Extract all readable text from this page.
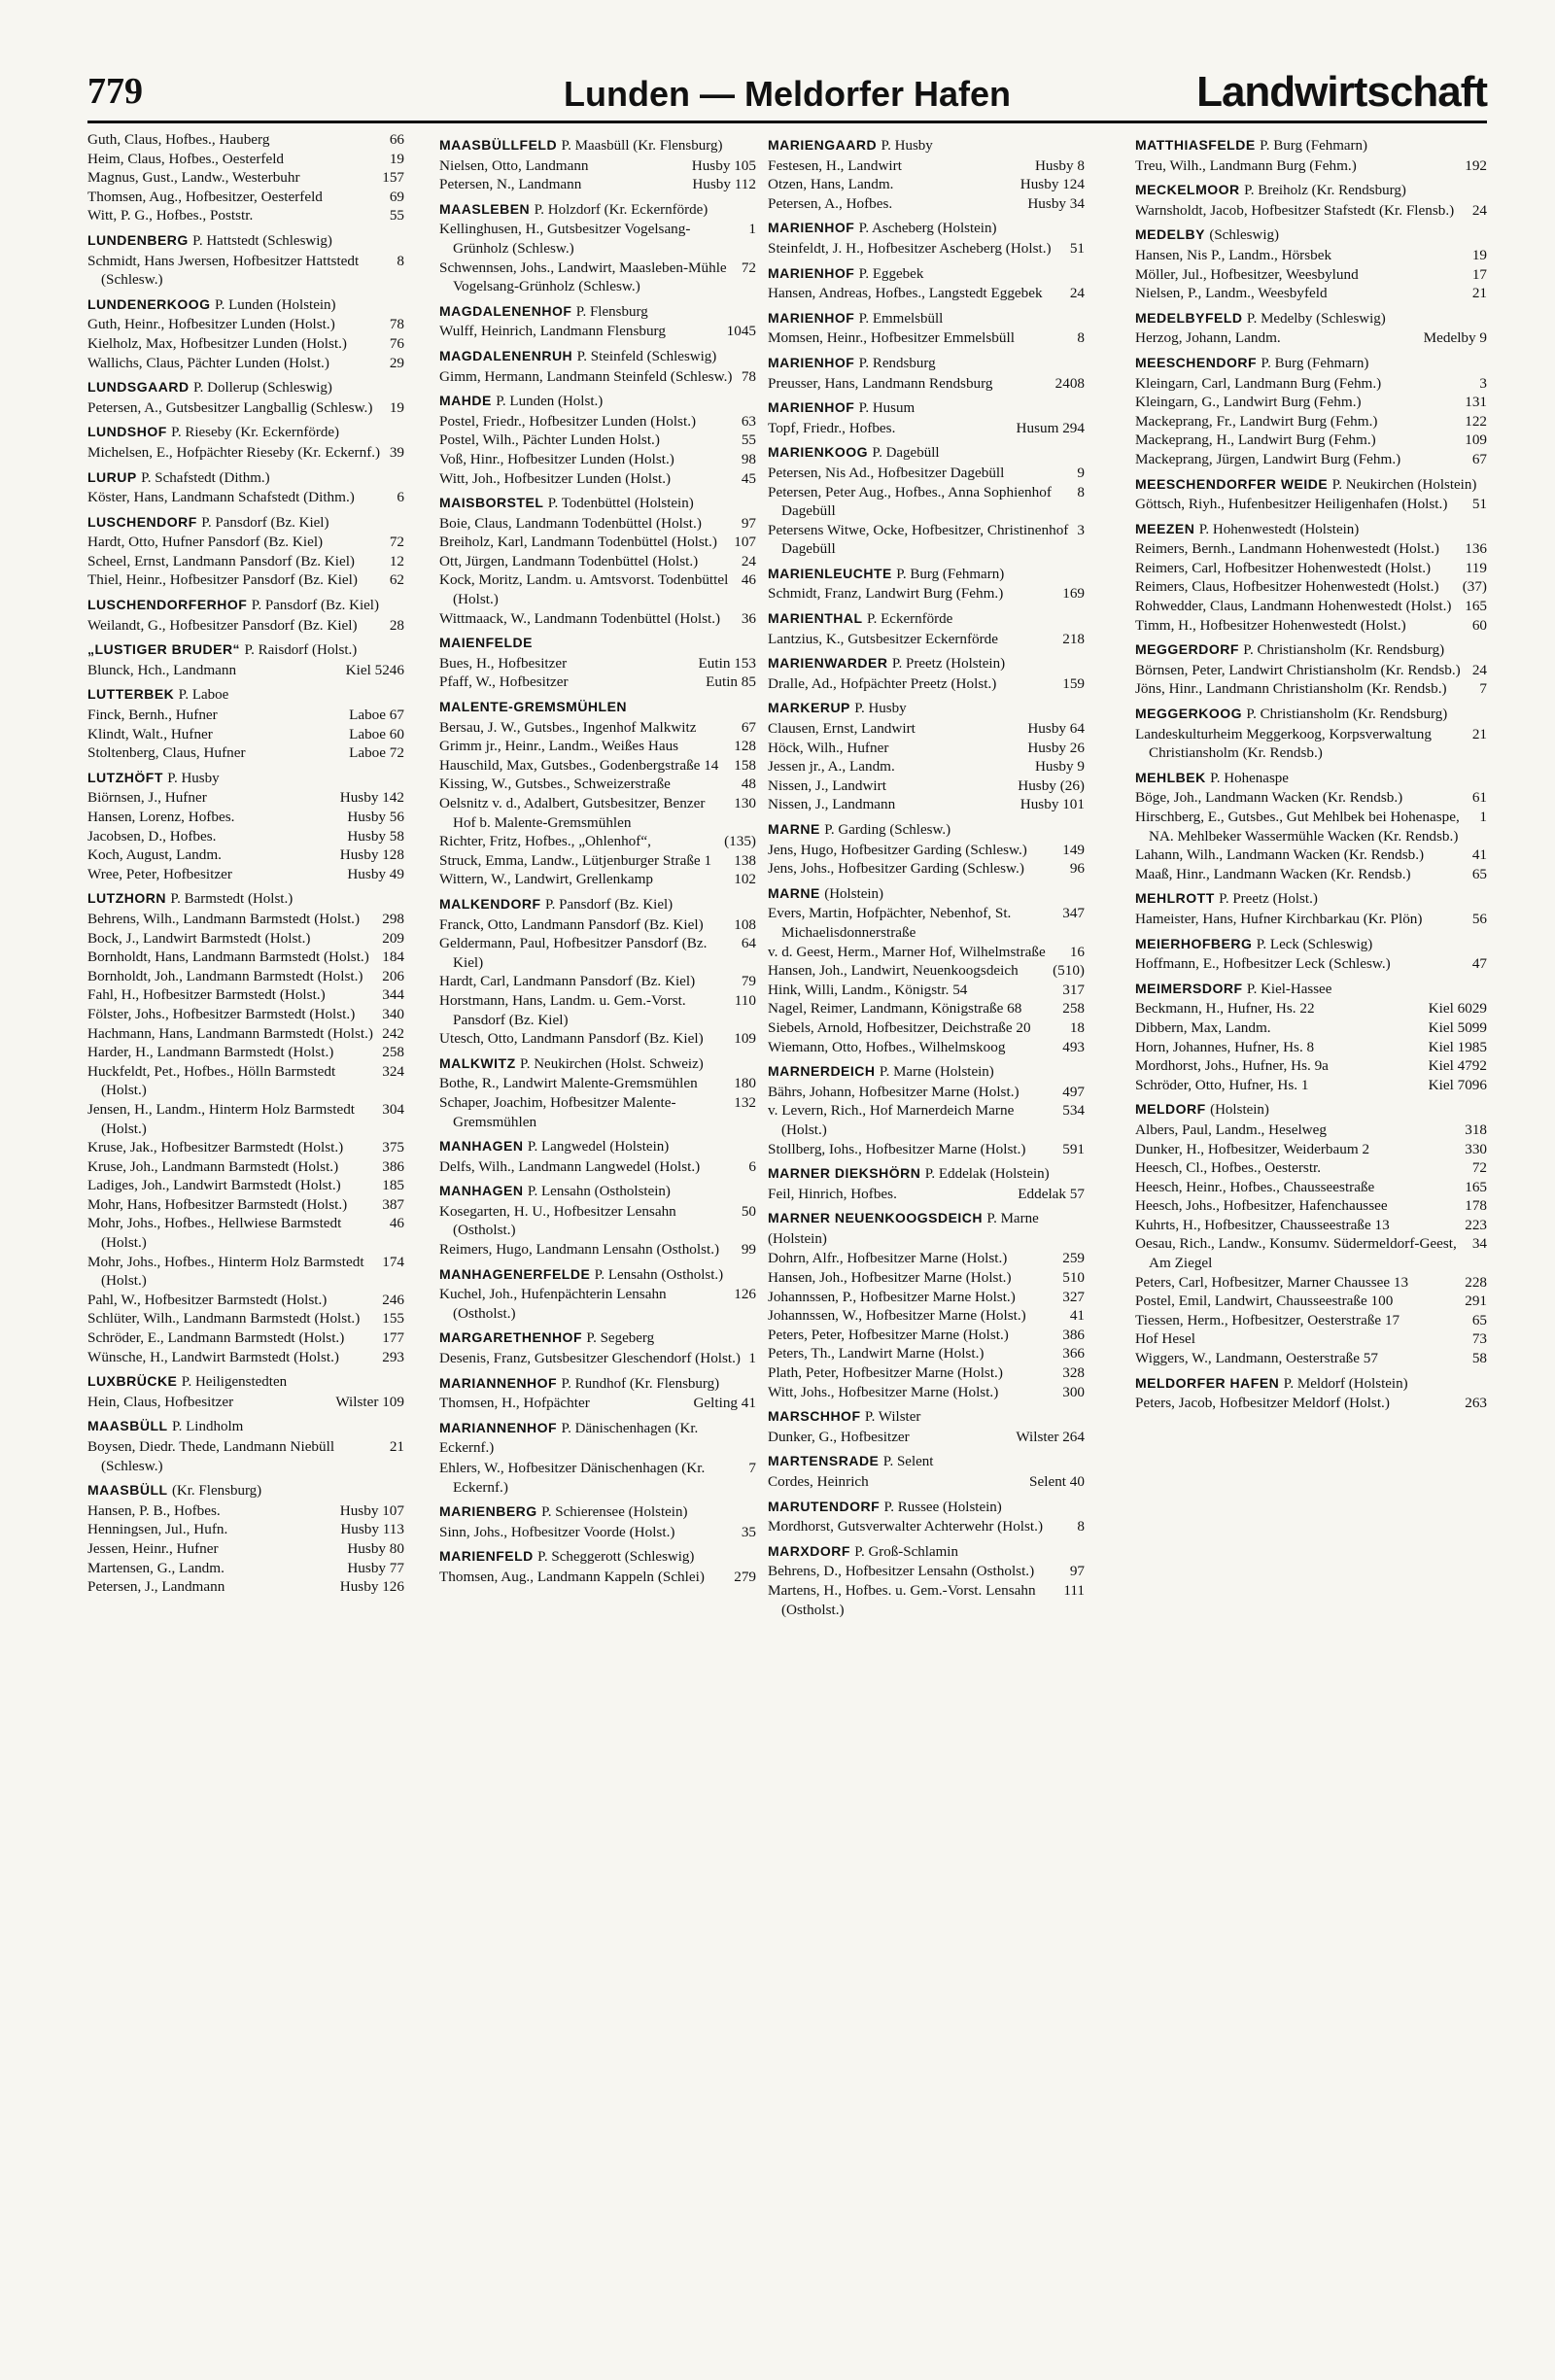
779	Lunden — Meldorfer Hafen	Landwirtschaft
66
Guth, Claus, Hofbes., Hauberg
19
Heim, Claus, Hofbes., Oesterfeld
157
Magnus, Gust., Landw., Westerbuhr
69
Thomsen, Aug., Hofbesitzer, Oesterfeld
55
Witt, P. G., Hofbes., Poststr.
LUNDENBERG P. Hattstedt (Schleswig)
8
Schmidt, Hans Jwersen, Hofbesitzer Hattstedt (Schlesw.)
LUNDENERKOOG P. Lunden (Holstein)
78
Guth, Heinr., Hofbesitzer Lunden (Holst.)
76
Kielholz, Max, Hofbesitzer Lunden (Holst.)
29
Wallichs, Claus, Pächter Lunden (Holst.)
LUNDSGAARD P. Dollerup (Schleswig)
19
Petersen, A., Gutsbesitzer Langballig (Schlesw.)
LUNDSHOF P. Rieseby (Kr. Eckernförde)
39
Michelsen, E., Hofpächter Rieseby (Kr. Eckernf.)
LURUP P. Schafstedt (Dithm.)
6
Köster, Hans, Landmann Schafstedt (Dithm.)
LUSCHENDORF P. Pansdorf (Bz. Kiel)
72
Hardt, Otto, Hufner Pansdorf (Bz. Kiel)
12
Scheel, Ernst, Landmann Pansdorf (Bz. Kiel)
62
Thiel, Heinr., Hofbesitzer Pansdorf (Bz. Kiel)
LUSCHENDORFERHOF P. Pansdorf (Bz. Kiel)
28
Weilandt, G., Hofbesitzer Pansdorf (Bz. Kiel)
„LUSTIGER BRUDER“ P. Raisdorf (Holst.)
Kiel 5246
Blunck, Hch., Landmann
LUTTERBEK P. Laboe
Laboe 67
Finck, Bernh., Hufner
Laboe 60
Klindt, Walt., Hufner
Laboe 72
Stoltenberg, Claus, Hufner
LUTZHÖFT P. Husby
Husby 142
Biörnsen, J., Hufner
Husby 56
Hansen, Lorenz, Hofbes.
Husby 58
Jacobsen, D., Hofbes.
Husby 128
Koch, August, Landm.
Husby 49
Wree, Peter, Hofbesitzer
LUTZHORN P. Barmstedt (Holst.)
298
Behrens, Wilh., Landmann Barmstedt (Holst.)
209
Bock, J., Landwirt Barmstedt (Holst.)
184
Bornholdt, Hans, Landmann Barmstedt (Holst.)
206
Bornholdt, Joh., Landmann Barmstedt (Holst.)
344
Fahl, H., Hofbesitzer Barmstedt (Holst.)
340
Fölster, Johs., Hofbesitzer Barmstedt (Holst.)
242
Hachmann, Hans, Landmann Barmstedt (Holst.)
258
Harder, H., Landmann Barmstedt (Holst.)
324
Huckfeldt, Pet., Hofbes., Hölln Barmstedt (Holst.)
304
Jensen, H., Landm., Hinterm Holz Barmstedt (Holst.)
375
Kruse, Jak., Hofbesitzer Barmstedt (Holst.)
386
Kruse, Joh., Landmann Barmstedt (Holst.)
185
Ladiges, Joh., Landwirt Barmstedt (Holst.)
387
Mohr, Hans, Hofbesitzer Barmstedt (Holst.)
46
Mohr, Johs., Hofbes., Hellwiese Barmstedt (Holst.)
174
Mohr, Johs., Hofbes., Hinterm Holz Barmstedt (Holst.)
246
Pahl, W., Hofbesitzer Barmstedt (Holst.)
155
Schlüter, Wilh., Landmann Barmstedt (Holst.)
177
Schröder, E., Landmann Barmstedt (Holst.)
293
Wünsche, H., Landwirt Barmstedt (Holst.)
LUXBRÜCKE P. Heiligenstedten
Wilster 109
Hein, Claus, Hofbesitzer
MAASBÜLL P. Lindholm
21
Boysen, Diedr. Thede, Landmann Niebüll (Schlesw.)
MAASBÜLL (Kr. Flensburg)
Husby 107
Hansen, P. B., Hofbes.
Husby 113
Henningsen, Jul., Hufn.
Husby 80
Jessen, Heinr., Hufner
Husby 77
Martensen, G., Landm.
Husby 126
Petersen, J., Landmann
MAASBÜLLFELD P. Maasbüll (Kr. Flensburg)
Husby 105
Nielsen, Otto, Landmann
Husby 112
Petersen, N., Landmann
MAASLEBEN P. Holzdorf (Kr. Eckernförde)
1
Kellinghusen, H., Gutsbesitzer Vogelsang-Grünholz (Schlesw.)
72
Schwennsen, Johs., Landwirt, Maasleben-Mühle Vogelsang-Grünholz (Schlesw.)
MAGDALENENHOF P. Flensburg
1045
Wulff, Heinrich, Landmann Flensburg
MAGDALENENRUH P. Steinfeld (Schleswig)
78
Gimm, Hermann, Landmann Steinfeld (Schlesw.)
MAHDE P. Lunden (Holst.)
63
Postel, Friedr., Hofbesitzer Lunden (Holst.)
55
Postel, Wilh., Pächter Lunden Holst.)
98
Voß, Hinr., Hofbesitzer Lunden (Holst.)
45
Witt, Joh., Hofbesitzer Lunden (Holst.)
MAISBORSTEL P. Todenbüttel (Holstein)
97
Boie, Claus, Landmann Todenbüttel (Holst.)
107
Breiholz, Karl, Landmann Todenbüttel (Holst.)
24
Ott, Jürgen, Landmann Todenbüttel (Holst.)
46
Kock, Moritz, Landm. u. Amtsvorst. Todenbüttel (Holst.)
36
Wittmaack, W., Landmann Todenbüttel (Holst.)
MAIENFELDE
Eutin 153
Bues, H., Hofbesitzer
Eutin 85
Pfaff, W., Hofbesitzer
MALENTE-GREMSMÜHLEN
67
Bersau, J. W., Gutsbes., Ingenhof Malkwitz
128
Grimm jr., Heinr., Landm., Weißes Haus
158
Hauschild, Max, Gutsbes., Godenbergstraße 14
48
Kissing, W., Gutsbes., Schweizerstraße
130
Oelsnitz v. d., Adalbert, Gutsbesitzer, Benzer Hof b. Malente-Gremsmühlen
(135)
Richter, Fritz, Hofbes., „Ohlenhof“,
138
Struck, Emma, Landw., Lütjenburger Straße 1
102
Wittern, W., Landwirt, Grellenkamp
MALKENDORF P. Pansdorf (Bz. Kiel)
108
Franck, Otto, Landmann Pansdorf (Bz. Kiel)
64
Geldermann, Paul, Hofbesitzer Pansdorf (Bz. Kiel)
79
Hardt, Carl, Landmann Pansdorf (Bz. Kiel)
110
Horstmann, Hans, Landm. u. Gem.-Vorst. Pansdorf (Bz. Kiel)
109
Utesch, Otto, Landmann Pansdorf (Bz. Kiel)
MALKWITZ P. Neukirchen (Holst. Schweiz)
180
Bothe, R., Landwirt Malente-Gremsmühlen
132
Schaper, Joachim, Hofbesitzer Malente-Gremsmühlen
MANHAGEN P. Langwedel (Holstein)
6
Delfs, Wilh., Landmann Langwedel (Holst.)
MANHAGEN P. Lensahn (Ostholstein)
50
Kosegarten, H. U., Hofbesitzer Lensahn (Ostholst.)
99
Reimers, Hugo, Landmann Lensahn (Ostholst.)
MANHAGENERFELDE P. Lensahn (Ostholst.)
126
Kuchel, Joh., Hufenpächterin Lensahn (Ostholst.)
MARGARETHENHOF P. Segeberg
1
Desenis, Franz, Gutsbesitzer Gleschendorf (Holst.)
MARIANNENHOF P. Rundhof (Kr. Flensburg)
Gelting 41
Thomsen, H., Hofpächter
MARIANNENHOF P. Dänischenhagen (Kr. Eckernf.)
7
Ehlers, W., Hofbesitzer Dänischenhagen (Kr. Eckernf.)
MARIENBERG P. Schierensee (Holstein)
35
Sinn, Johs., Hofbesitzer Voorde (Holst.)
MARIENFELD P. Scheggerott (Schleswig)
279
Thomsen, Aug., Landmann Kappeln (Schlei)
MARIENGAARD P. Husby
Husby 8
Festesen, H., Landwirt
Husby 124
Otzen, Hans, Landm.
Husby 34
Petersen, A., Hofbes.
MARIENHOF P. Ascheberg (Holstein)
51
Steinfeldt, J. H., Hofbesitzer Ascheberg (Holst.)
MARIENHOF P. Eggebek
24
Hansen, Andreas, Hofbes., Langstedt Eggebek
MARIENHOF P. Emmelsbüll
8
Momsen, Heinr., Hofbesitzer Emmelsbüll
MARIENHOF P. Rendsburg
2408
Preusser, Hans, Landmann Rendsburg
MARIENHOF P. Husum
Husum 294
Topf, Friedr., Hofbes.
MARIENKOOG P. Dagebüll
9
Petersen, Nis Ad., Hofbesitzer Dagebüll
8
Petersen, Peter Aug., Hofbes., Anna Sophienhof Dagebüll
3
Petersens Witwe, Ocke, Hofbesitzer, Christinenhof Dagebüll
MARIENLEUCHTE P. Burg (Fehmarn)
169
Schmidt, Franz, Landwirt Burg (Fehm.)
MARIENTHAL P. Eckernförde
218
Lantzius, K., Gutsbesitzer Eckernförde
MARIENWARDER P. Preetz (Holstein)
159
Dralle, Ad., Hofpächter Preetz (Holst.)
MARKERUP P. Husby
Husby 64
Clausen, Ernst, Landwirt
Husby 26
Höck, Wilh., Hufner
Husby 9
Jessen jr., A., Landm.
Husby (26)
Nissen, J., Landwirt
Husby 101
Nissen, J., Landmann
MARNE P. Garding (Schlesw.)
149
Jens, Hugo, Hofbesitzer Garding (Schlesw.)
96
Jens, Johs., Hofbesitzer Garding (Schlesw.)
MARNE (Holstein)
347
Evers, Martin, Hofpächter, Nebenhof, St. Michaelisdonnerstraße
16
v. d. Geest, Herm., Marner Hof, Wilhelmstraße
(510)
Hansen, Joh., Landwirt, Neuenkoogsdeich
317
Hink, Willi, Landm., Königstr. 54
258
Nagel, Reimer, Landmann, Königstraße 68
18
Siebels, Arnold, Hofbesitzer, Deichstraße 20
493
Wiemann, Otto, Hofbes., Wilhelmskoog
MARNERDEICH P. Marne (Holstein)
497
Bährs, Johann, Hofbesitzer Marne (Holst.)
534
v. Levern, Rich., Hof Marnerdeich Marne (Holst.)
591
Stollberg, Iohs., Hofbesitzer Marne (Holst.)
MARNER DIEKSHÖRN P. Eddelak (Holstein)
Eddelak 57
Feil, Hinrich, Hofbes.
MARNER NEUENKOOGSDEICH P. Marne (Holstein)
259
Dohrn, Alfr., Hofbesitzer Marne (Holst.)
510
Hansen, Joh., Hofbesitzer Marne (Holst.)
327
Johannssen, P., Hofbesitzer Marne Holst.)
41
Johannssen, W., Hofbesitzer Marne (Holst.)
386
Peters, Peter, Hofbesitzer Marne (Holst.)
366
Peters, Th., Landwirt Marne (Holst.)
328
Plath, Peter, Hofbesitzer Marne (Holst.)
300
Witt, Johs., Hofbesitzer Marne (Holst.)
MARSCHHOF P. Wilster
Wilster 264
Dunker, G., Hofbesitzer
MARTENSRADE P. Selent
Selent 40
Cordes, Heinrich
MARUTENDORF P. Russee (Holstein)
8
Mordhorst, Gutsverwalter Achterwehr (Holst.)
MARXDORF P. Groß-Schlamin
97
Behrens, D., Hofbesitzer Lensahn (Ostholst.)
111
Martens, H., Hofbes. u. Gem.-Vorst. Lensahn (Ostholst.)
MATTHIASFELDE P. Burg (Fehmarn)
192
Treu, Wilh., Landmann Burg (Fehm.)
MECKELMOOR P. Breiholz (Kr. Rendsburg)
24
Warnsholdt, Jacob, Hofbesitzer Stafstedt (Kr. Flensb.)
MEDELBY (Schleswig)
19
Hansen, Nis P., Landm., Hörsbek
17
Möller, Jul., Hofbesitzer, Weesbylund
21
Nielsen, P., Landm., Weesbyfeld
MEDELBYFELD P. Medelby (Schleswig)
Medelby 9
Herzog, Johann, Landm.
MEESCHENDORF P. Burg (Fehmarn)
3
Kleingarn, Carl, Landmann Burg (Fehm.)
131
Kleingarn, G., Landwirt Burg (Fehm.)
122
Mackeprang, Fr., Landwirt Burg (Fehm.)
109
Mackeprang, H., Landwirt Burg (Fehm.)
67
Mackeprang, Jürgen, Landwirt Burg (Fehm.)
MEESCHENDORFER WEIDE P. Neukirchen (Holstein)
51
Göttsch, Riyh., Hufenbesitzer Heiligenhafen (Holst.)
MEEZEN P. Hohenwestedt (Holstein)
136
Reimers, Bernh., Landmann Hohenwestedt (Holst.)
119
Reimers, Carl, Hofbesitzer Hohenwestedt (Holst.)
(37)
Reimers, Claus, Hofbesitzer Hohenwestedt (Holst.)
165
Rohwedder, Claus, Landmann Hohenwestedt (Holst.)
60
Timm, H., Hofbesitzer Hohenwestedt (Holst.)
MEGGERDORF P. Christiansholm (Kr. Rendsburg)
24
Börnsen, Peter, Landwirt Christiansholm (Kr. Rendsb.)
7
Jöns, Hinr., Landmann Christiansholm (Kr. Rendsb.)
MEGGERKOOG P. Christiansholm (Kr. Rendsburg)
21
Landeskulturheim Meggerkoog, Korpsverwaltung Christiansholm (Kr. Rendsb.)
MEHLBEK P. Hohenaspe
61
Böge, Joh., Landmann Wacken (Kr. Rendsb.)
1
Hirschberg, E., Gutsbes., Gut Mehlbek bei Hohenaspe, NA. Mehlbeker Wassermühle Wacken (Kr. Rendsb.)
41
Lahann, Wilh., Landmann Wacken (Kr. Rendsb.)
65
Maaß, Hinr., Landmann Wacken (Kr. Rendsb.)
MEHLROTT P. Preetz (Holst.)
56
Hameister, Hans, Hufner Kirchbarkau (Kr. Plön)
MEIERHOFBERG P. Leck (Schleswig)
47
Hoffmann, E., Hofbesitzer Leck (Schlesw.)
MEIMERSDORF P. Kiel-Hassee
Kiel 6029
Beckmann, H., Hufner, Hs. 22
Kiel 5099
Dibbern, Max, Landm.
Kiel 1985
Horn, Johannes, Hufner, Hs. 8
Kiel 4792
Mordhorst, Johs., Hufner, Hs. 9a
Kiel 7096
Schröder, Otto, Hufner, Hs. 1
MELDORF (Holstein)
318
Albers, Paul, Landm., Heselweg
330
Dunker, H., Hofbesitzer, Weiderbaum 2
72
Heesch, Cl., Hofbes., Oesterstr.
165
Heesch, Heinr., Hofbes., Chausseestraße
178
Heesch, Johs., Hofbesitzer, Hafenchaussee
223
Kuhrts, H., Hofbesitzer, Chausseestraße 13
34
Oesau, Rich., Landw., Konsumv. Südermeldorf-Geest, Am Ziegel
228
Peters, Carl, Hofbesitzer, Marner Chaussee 13
291
Postel, Emil, Landwirt, Chausseestraße 100
65
Tiessen, Herm., Hofbesitzer, Oesterstraße 17
73
Hof Hesel
58
Wiggers, W., Landmann, Oesterstraße 57
MELDORFER HAFEN P. Meldorf (Holstein)
263
Peters, Jacob, Hofbesitzer Meldorf (Holst.)
